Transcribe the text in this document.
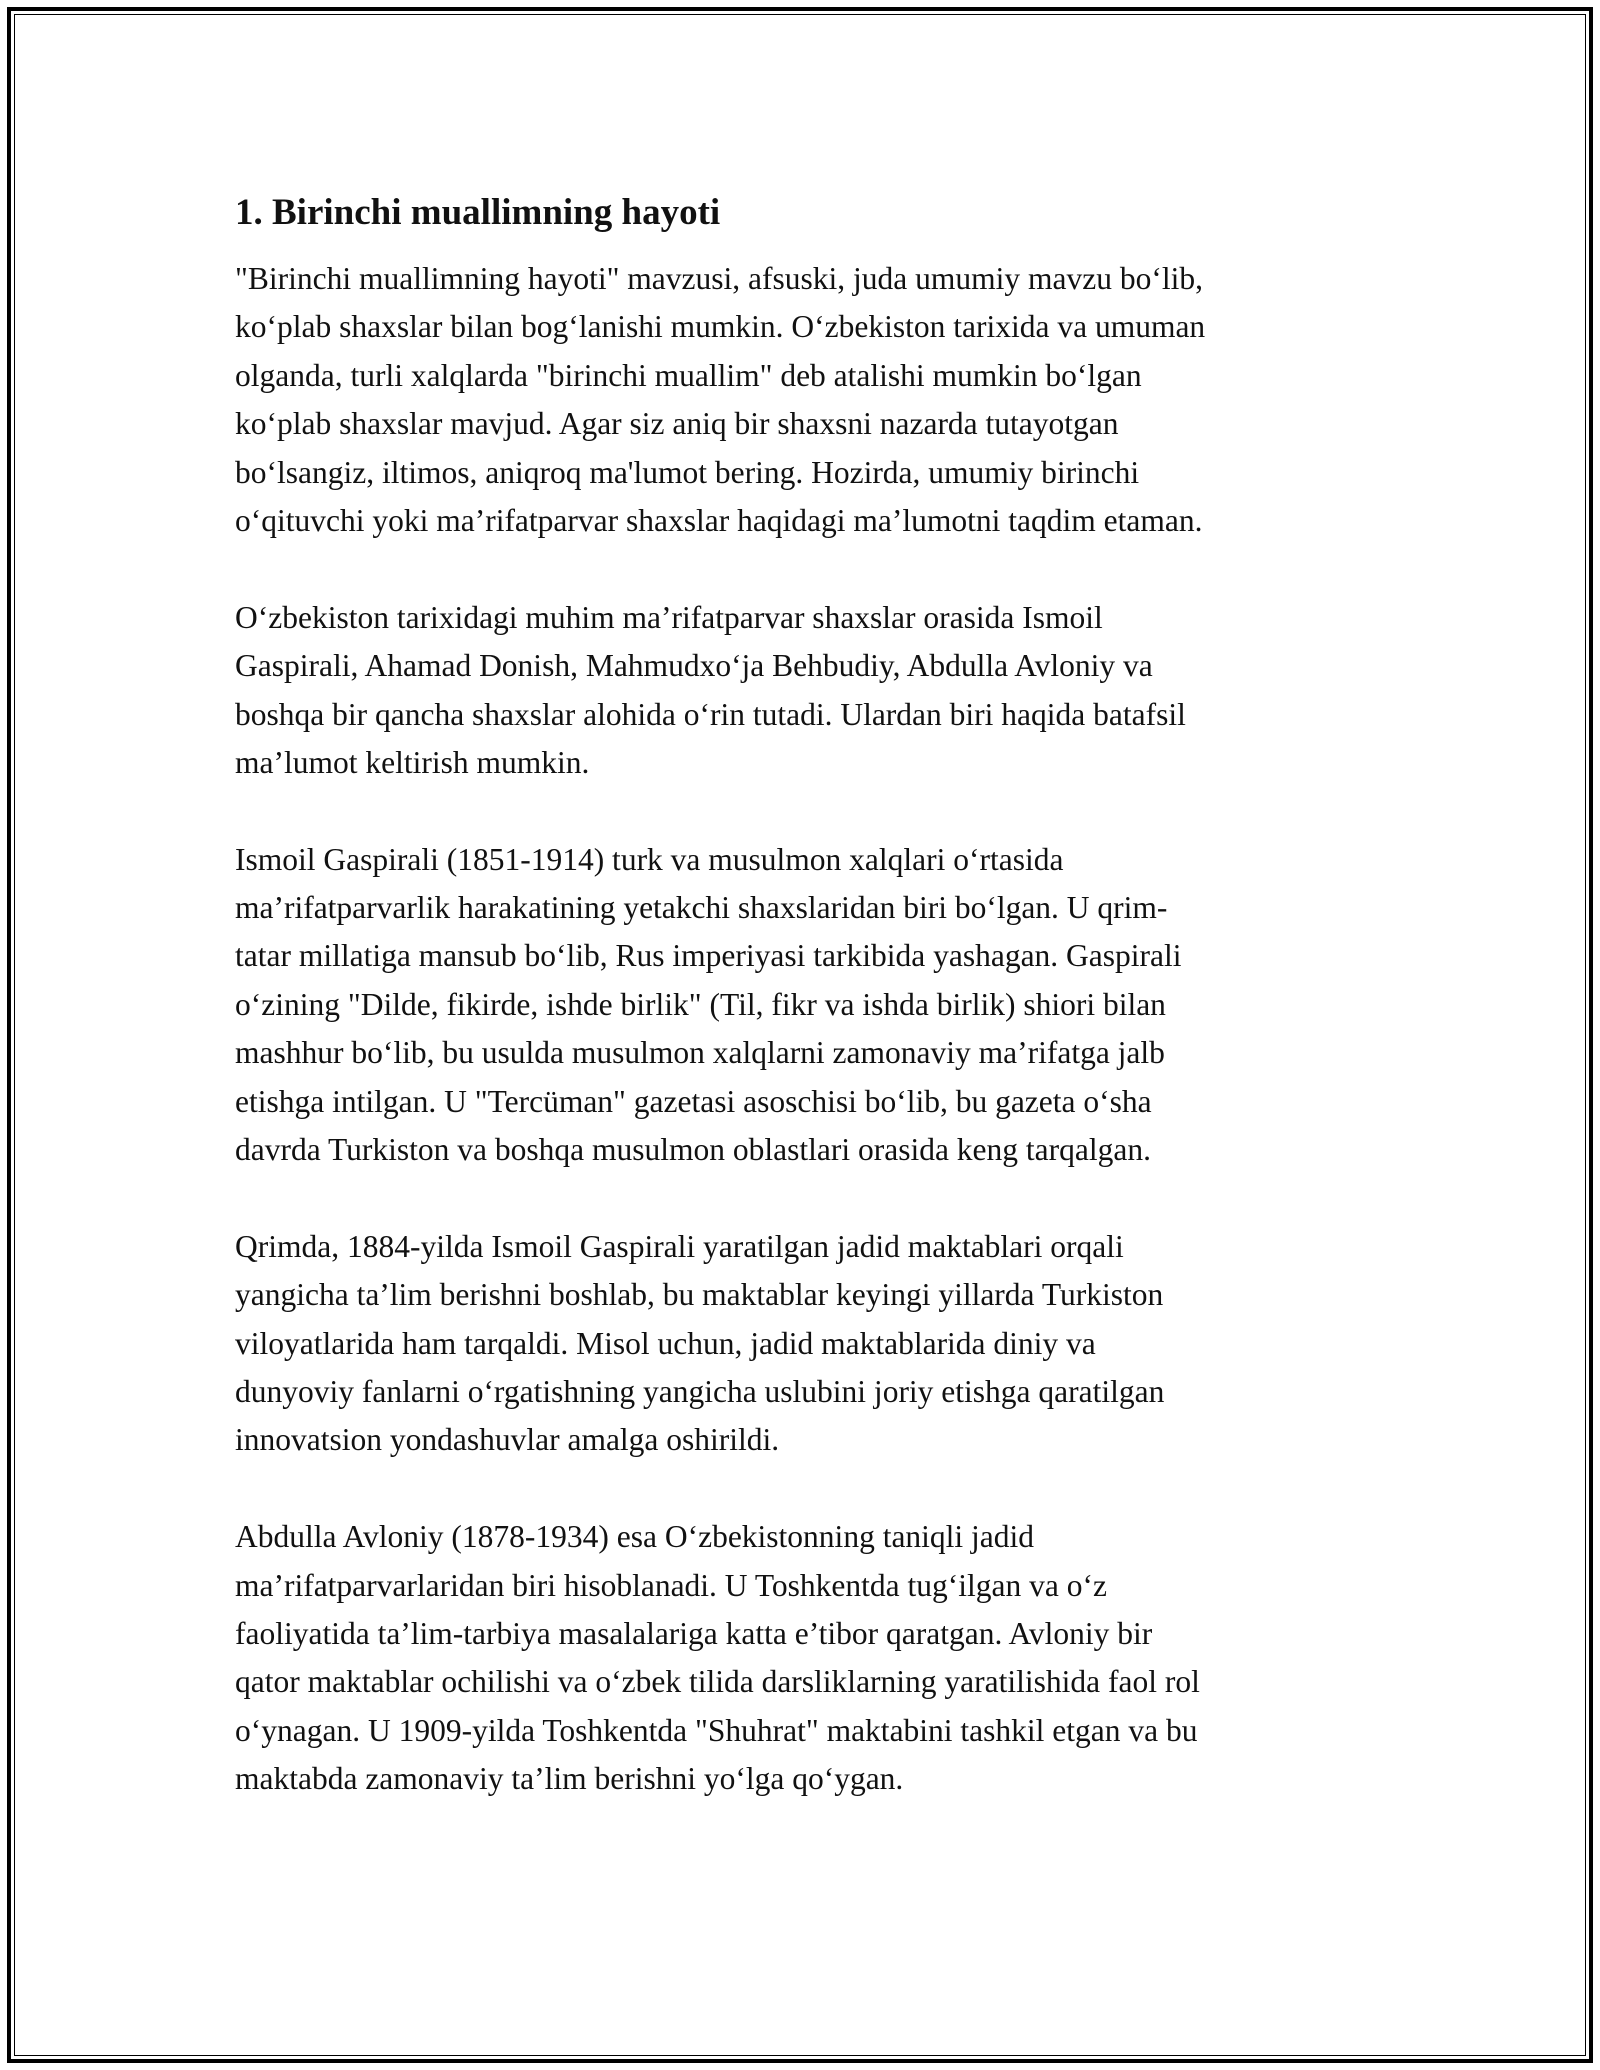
1. Birinchi muallimning hayoti
"Birinchi muallimning hayoti" mavzusi, afsuski, juda umumiy mavzu bo‘lib,
ko‘plab shaxslar bilan bog‘lanishi mumkin. O‘zbekiston tarixida va umuman
olganda, turli xalqlarda "birinchi muallim" deb atalishi mumkin bo‘lgan
ko‘plab shaxslar mavjud. Agar siz aniq bir shaxsni nazarda tutayotgan
bo‘lsangiz, iltimos, aniqroq ma'lumot bering. Hozirda, umumiy birinchi
o‘qituvchi yoki ma’rifatparvar shaxslar haqidagi ma’lumotni taqdim etaman.
O‘zbekiston tarixidagi muhim ma’rifatparvar shaxslar orasida Ismoil
Gaspirali, Ahamad Donish, Mahmudxo‘ja Behbudiy, Abdulla Avloniy va
boshqa bir qancha shaxslar alohida o‘rin tutadi. Ulardan biri haqida batafsil
ma’lumot keltirish mumkin.
Ismoil Gaspirali (1851-1914) turk va musulmon xalqlari o‘rtasida
ma’rifatparvarlik harakatining yetakchi shaxslaridan biri bo‘lgan. U qrim-
tatar millatiga mansub bo‘lib, Rus imperiyasi tarkibida yashagan. Gaspirali
o‘zining "Dilde, fikirde, ishde birlik" (Til, fikr va ishda birlik) shiori bilan
mashhur bo‘lib, bu usulda musulmon xalqlarni zamonaviy ma’rifatga jalb
etishga intilgan. U "Tercüman" gazetasi asoschisi bo‘lib, bu gazeta o‘sha
davrda Turkiston va boshqa musulmon oblastlari orasida keng tarqalgan.
Qrimda, 1884-yilda Ismoil Gaspirali yaratilgan jadid maktablari orqali
yangicha ta’lim berishni boshlab, bu maktablar keyingi yillarda Turkiston
viloyatlarida ham tarqaldi. Misol uchun, jadid maktablarida diniy va
dunyoviy fanlarni o‘rgatishning yangicha uslubini joriy etishga qaratilgan
innovatsion yondashuvlar amalga oshirildi.
Abdulla Avloniy (1878-1934) esa O‘zbekistonning taniqli jadid
ma’rifatparvarlaridan biri hisoblanadi. U Toshkentda tug‘ilgan va o‘z
faoliyatida ta’lim-tarbiya masalalariga katta e’tibor qaratgan. Avloniy bir
qator maktablar ochilishi va o‘zbek tilida darsliklarning yaratilishida faol rol
o‘ynagan. U 1909-yilda Toshkentda "Shuhrat" maktabini tashkil etgan va bu
maktabda zamonaviy ta’lim berishni yo‘lga qo‘ygan.
